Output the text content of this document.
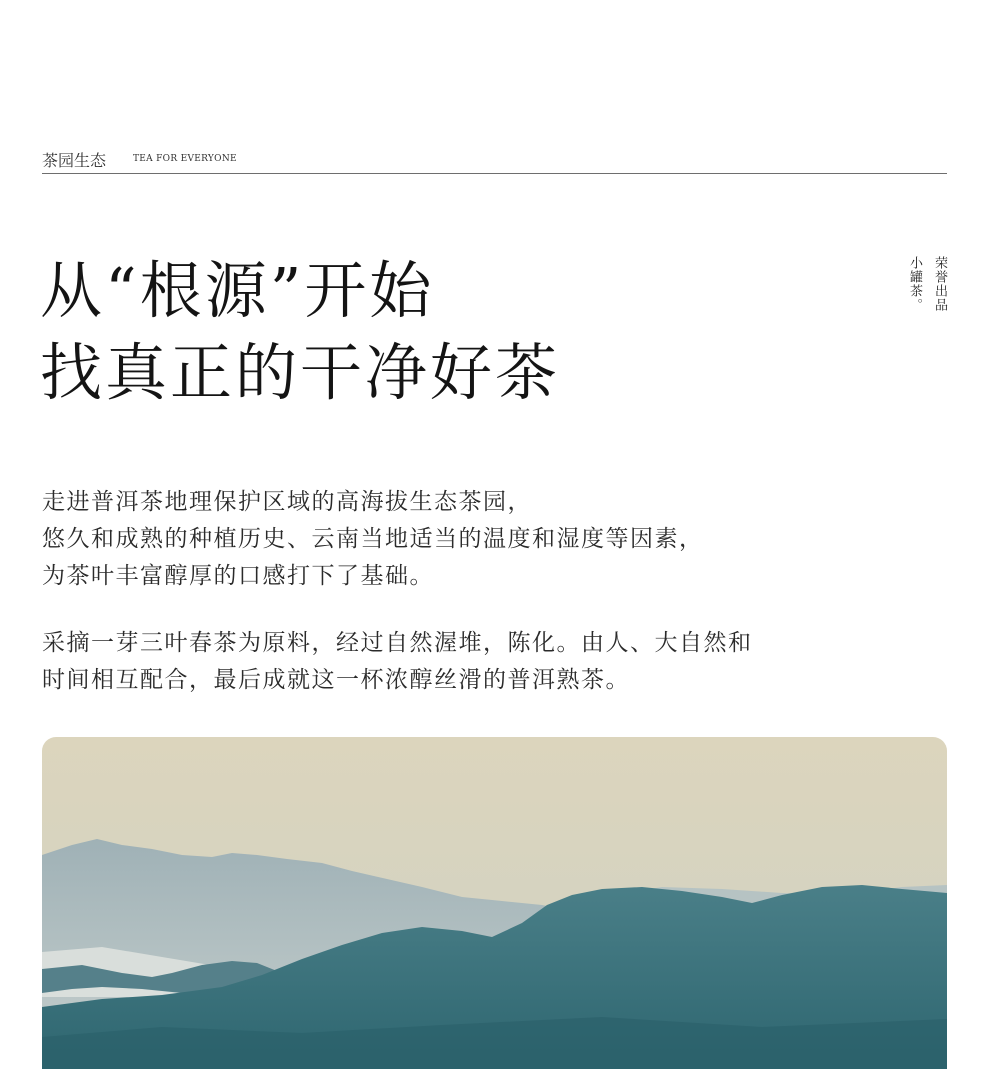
茶园生态	TEA FOR EVERYONE
从“根源”开始
找真正的干净好茶
荣誉出品
小罐茶。

走进普洱茶地理保护区域的高海拔生态茶园，
悠久和成熟的种植历史、云南当地适当的温度和湿度等因素，
为茶叶丰富醇厚的口感打下了基础。

采摘一芽三叶春茶为原料，经过自然渥堆，陈化。由人、大自然和
时间相互配合，最后成就这一杯浓醇丝滑的普洱熟茶。
